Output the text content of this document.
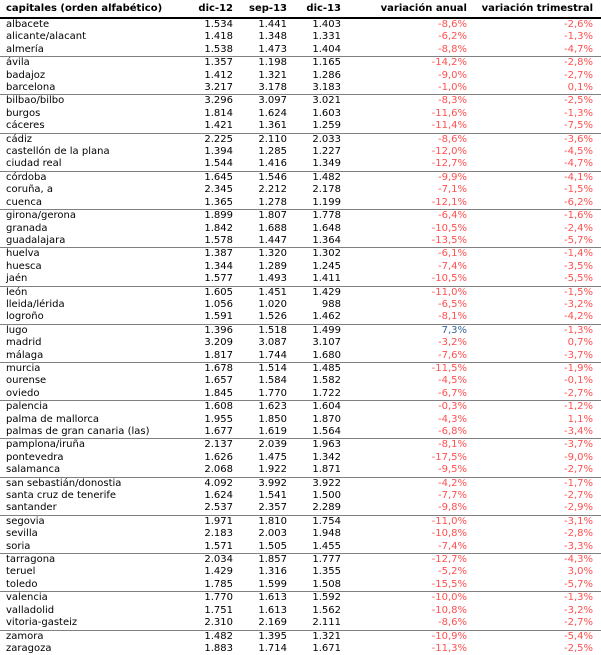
capitales (orden alfabético)	dic-12	sep-13	dic-13	variación anual	variación trimestral
albacete	1.534	1.441	1.403	-8,6%	-2,6%
alicante/alacant	1.418	1.348	1.331	-6,2%	-1,3%
almería	1.538	1.473	1.404	-8,8%	-4,7%
ávila	1.357	1.198	1.165	-14,2%	-2,8%
badajoz	1.412	1.321	1.286	-9,0%	-2,7%
barcelona	3.217	3.178	3.183	-1,0%	0,1%
bilbao/bilbo	3.296	3.097	3.021	-8,3%	-2,5%
burgos	1.814	1.624	1.603	-11,6%	-1,3%
cáceres	1.421	1.361	1.259	-11,4%	-7,5%
cádiz	2.225	2.110	2.033	-8,6%	-3,6%
castellón de la plana	1.394	1.285	1.227	-12,0%	-4,5%
ciudad real	1.544	1.416	1.349	-12,7%	-4,7%
córdoba	1.645	1.546	1.482	-9,9%	-4,1%
coruña, a	2.345	2.212	2.178	-7,1%	-1,5%
cuenca	1.365	1.278	1.199	-12,1%	-6,2%
girona/gerona	1.899	1.807	1.778	-6,4%	-1,6%
granada	1.842	1.688	1.648	-10,5%	-2,4%
guadalajara	1.578	1.447	1.364	-13,5%	-5,7%
huelva	1.387	1.320	1.302	-6,1%	-1,4%
huesca	1.344	1.289	1.245	-7,4%	-3,5%
jaén	1.577	1.493	1.411	-10,5%	-5,5%
león	1.605	1.451	1.429	-11,0%	-1,5%
lleida/lérida	1.056	1.020	988	-6,5%	-3,2%
logroño	1.591	1.526	1.462	-8,1%	-4,2%
lugo	1.396	1.518	1.499	7,3%	-1,3%
madrid	3.209	3.087	3.107	-3,2%	0,7%
málaga	1.817	1.744	1.680	-7,6%	-3,7%
murcia	1.678	1.514	1.485	-11,5%	-1,9%
ourense	1.657	1.584	1.582	-4,5%	-0,1%
oviedo	1.845	1.770	1.722	-6,7%	-2,7%
palencia	1.608	1.623	1.604	-0,3%	-1,2%
palma de mallorca	1.955	1.850	1.870	-4,3%	1,1%
palmas de gran canaria (las)	1.677	1.619	1.564	-6,8%	-3,4%
pamplona/iruña	2.137	2.039	1.963	-8,1%	-3,7%
pontevedra	1.626	1.475	1.342	-17,5%	-9,0%
salamanca	2.068	1.922	1.871	-9,5%	-2,7%
san sebastián/donostia	4.092	3.992	3.922	-4,2%	-1,7%
santa cruz de tenerife	1.624	1.541	1.500	-7,7%	-2,7%
santander	2.537	2.357	2.289	-9,8%	-2,9%
segovia	1.971	1.810	1.754	-11,0%	-3,1%
sevilla	2.183	2.003	1.948	-10,8%	-2,8%
soria	1.571	1.505	1.455	-7,4%	-3,3%
tarragona	2.034	1.857	1.777	-12,7%	-4,3%
teruel	1.429	1.316	1.355	-5,2%	3,0%
toledo	1.785	1.599	1.508	-15,5%	-5,7%
valencia	1.770	1.613	1.592	-10,0%	-1,3%
valladolid	1.751	1.613	1.562	-10,8%	-3,2%
vitoria-gasteiz	2.310	2.169	2.111	-8,6%	-2,7%
zamora	1.482	1.395	1.321	-10,9%	-5,4%
zaragoza	1.883	1.714	1.671	-11,3%	-2,5%
